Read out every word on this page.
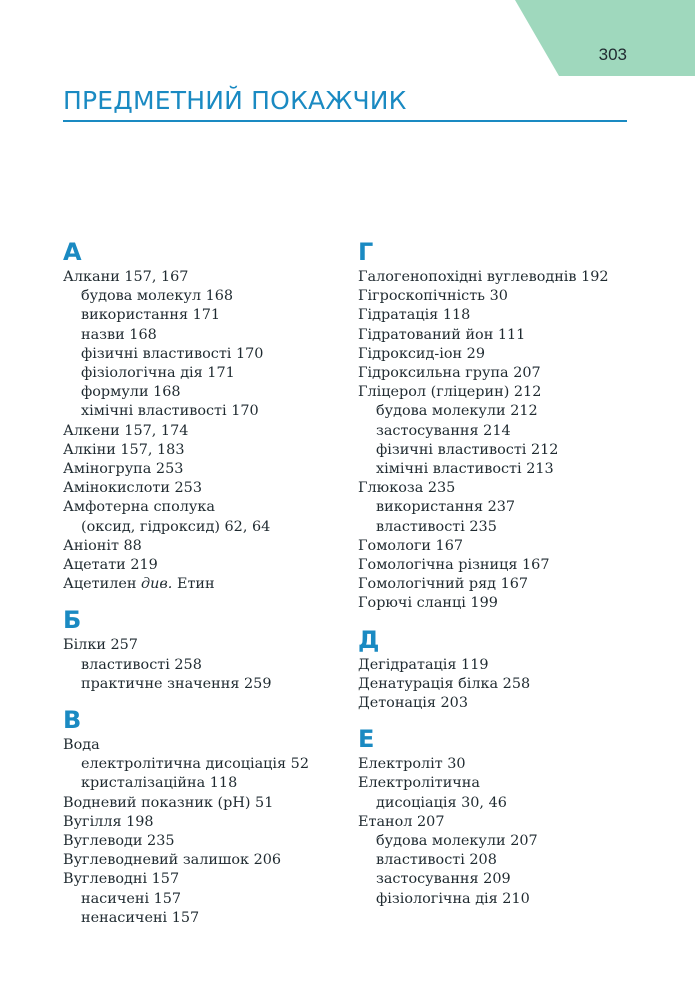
303
ПРЕДМЕТНИЙ ПОКАЖЧИК
А
Алкани 157, 167
будова молекул 168
використання 171
назви 168
фізичні властивості 170
фізіологічна дія 171
формули 168
хімічні властивості 170
Алкени 157, 174
Алкіни 157, 183
Аміногрупа 253
Амінокислоти 253
Амфотерна сполука
(оксид, гідроксид) 62, 64
Аніоніт 88
Ацетати 219
Ацетилен див. Етин
Б
Білки 257
властивості 258
практичне значення 259
В
Вода
електролітична дисоціація 52
кристалізаційна 118
Водневий показник (pH) 51
Вугілля 198
Вуглеводи 235
Вуглеводневий залишок 206
Вуглеводні 157
насичені 157
ненасичені 157
Г
Галогенопохідні вуглеводнів 192
Гігроскопічність 30
Гідратація 118
Гідратований йон 111
Гідроксид-іон 29
Гідроксильна група 207
Гліцерол (гліцерин) 212
будова молекули 212
застосування 214
фізичні властивості 212
хімічні властивості 213
Глюкоза 235
використання 237
властивості 235
Гомологи 167
Гомологічна різниця 167
Гомологічний ряд 167
Горючі сланці 199
Д
Дегідратація 119
Денатурація білка 258
Детонація 203
Е
Електроліт 30
Електролітична
дисоціація 30, 46
Етанол 207
будова молекули 207
властивості 208
застосування 209
фізіологічна дія 210
